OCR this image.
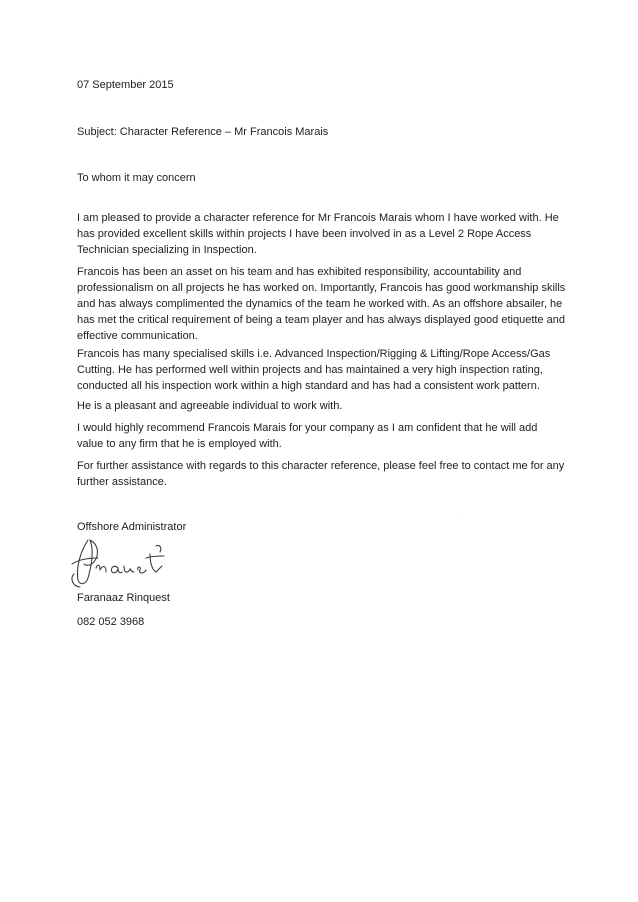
07 September 2015
Subject: Character Reference – Mr Francois Marais
To whom it may concern
I am pleased to provide a character reference for Mr Francois Marais whom I have worked with. He
has provided excellent skills within projects I have been involved in as a Level 2 Rope Access
Technician specializing in Inspection.
Francois has been an asset on his team and has exhibited responsibility, accountability and
professionalism on all projects he has worked on. Importantly, Francois has good workmanship skills
and has always complimented the dynamics of the team he worked with. As an offshore absailer, he
has met the critical requirement of being a team player and has always displayed good etiquette and
effective communication.
Francois has many specialised skills i.e. Advanced Inspection/Rigging & Lifting/Rope Access/Gas
Cutting. He has performed well within projects and has maintained a very high inspection rating,
conducted all his inspection work within a high standard and has had a consistent work pattern.
He is a pleasant and agreeable individual to work with.
I would highly recommend Francois Marais for your company as I am confident that he will add
value to any firm that he is employed with.
For further assistance with regards to this character reference, please feel free to contact me for any
further assistance.
Offshore Administrator
Faranaaz Rinquest
082 052 3968
